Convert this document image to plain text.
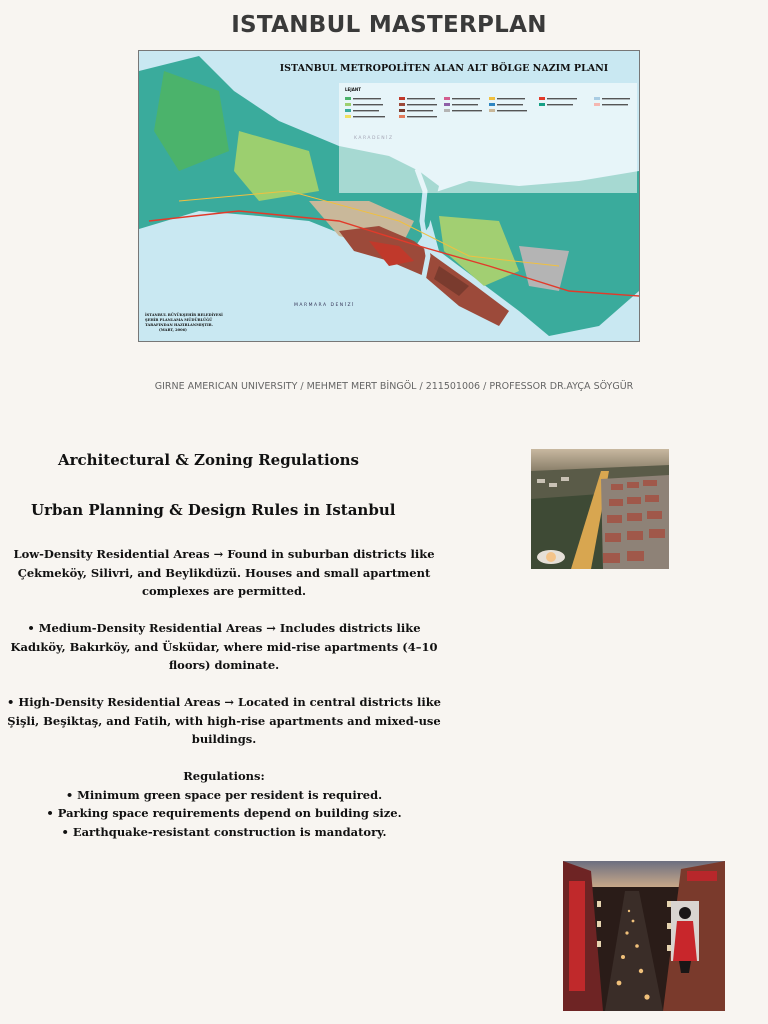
ISTANBUL MASTERPLAN
ISTANBUL METROPOLİTEN ALAN ALT BÖLGE NAZIM PLANI
MARMARA DENİZİ
LEJANT
İSTANBUL BÜYÜKŞEHİR BELEDİYESİ
ŞEHİR PLANLAMA MÜDÜRLÜĞÜ
TARAFINDAN HAZIRLANMIŞTIR.
(MART, 2006)
GIRNE AMERICAN UNIVERSITY / MEHMET MERT BİNGÖL / 211501006 / PROFESSOR DR.AYÇA SÖYGÜR
Architectural & Zoning Regulations
Urban Planning & Design Rules in Istanbul

Low-Density Residential Areas → Found in suburban districts like Çekmeköy, Silivri, and Beylikdüzü. Houses and small apartment complexes are permitted.

• Medium-Density Residential Areas → Includes districts like Kadıköy, Bakırköy, and Üsküdar, where mid-rise apartments (4–10 floors) dominate.

• High-Density Residential Areas → Located in central districts like Şişli, Beşiktaş, and Fatih, with high-rise apartments and mixed-use buildings.

Regulations:
• Minimum green space per resident is required.
• Parking space requirements depend on building size.
• Earthquake-resistant construction is mandatory.
